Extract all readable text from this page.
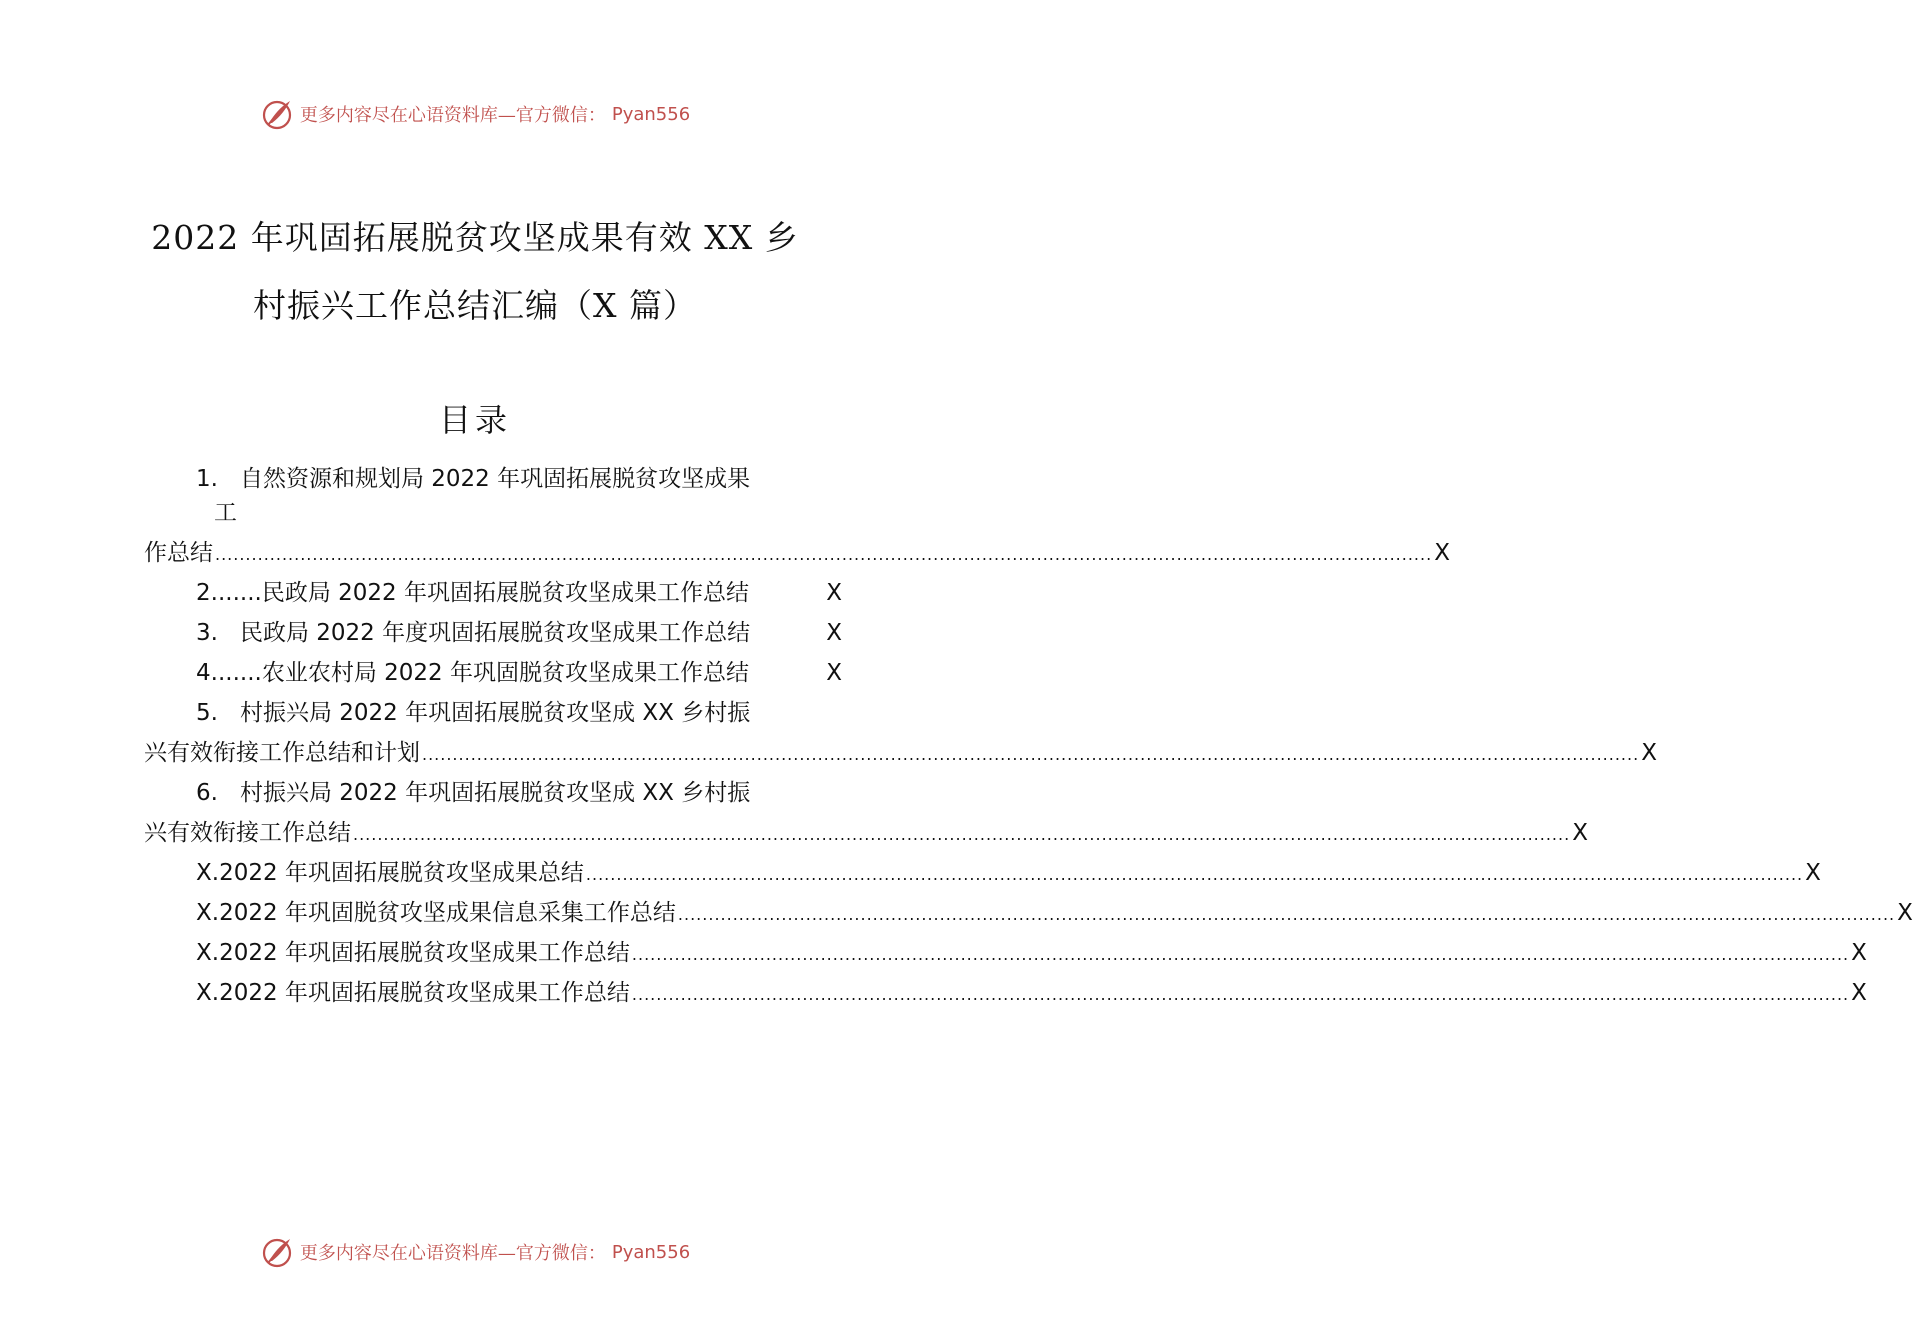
更多内容尽在心语资料库—官方微信： Pyan556
2022 年巩固拓展脱贫攻坚成果有效 XX 乡
村振兴工作总结汇编（X 篇）
目录
1. 自然资源和规划局 2022 年巩固拓展脱贫攻坚成果
工
作总结 ........................................................................................................................................................................................................ X
2....... 民政局 2022 年巩固拓展脱贫攻坚成果工作总结	X
3. 民政局 2022 年度巩固拓展脱贫攻坚成果工作总结	X
4....... 农业农村局 2022 年巩固脱贫攻坚成果工作总结	X
5. 村振兴局 2022 年巩固拓展脱贫攻坚成 XX 乡村振
兴有效衔接工作总结和计划 ........................................................................................................................................................................................................ X
6. 村振兴局 2022 年巩固拓展脱贫攻坚成 XX 乡村振
兴有效衔接工作总结 ........................................................................................................................................................................................................ X
X.2022 年巩固拓展脱贫攻坚成果总结 ........................................................................................................................................................................................................ X
X.2022 年巩固脱贫攻坚成果信息采集工作总结 ........................................................................................................................................................................................................ X
X.2022 年巩固拓展脱贫攻坚成果工作总结 ........................................................................................................................................................................................................ X
X.2022 年巩固拓展脱贫攻坚成果工作总结 ........................................................................................................................................................................................................ X
更多内容尽在心语资料库—官方微信： Pyan556
